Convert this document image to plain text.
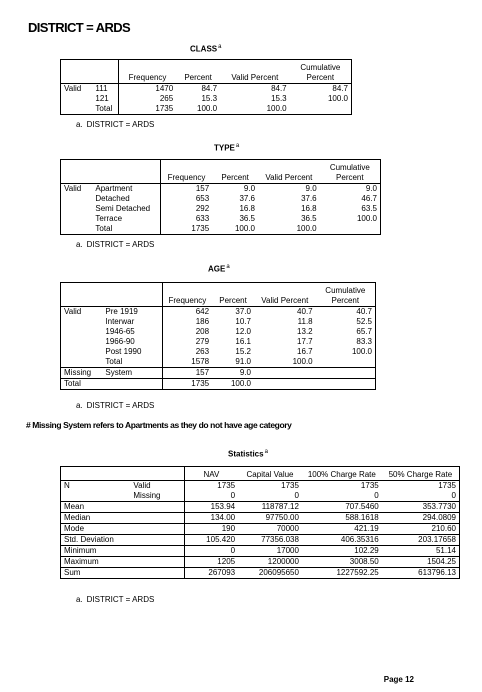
DISTRICT = ARDS
CLASS$^a$
		Frequency	Percent	Valid Percent	Cumulative Percent
Valid	111	1470	84.7	84.7	84.7
	121	265	15.3	15.3	100.0
	Total	1735	100.0	100.0	
a. DISTRICT = ARDS
TYPE$^a$
		Frequency	Percent	Valid Percent	Cumulative Percent
Valid	Apartment	157	9.0	9.0	9.0
	Detached	653	37.6	37.6	46.7
	Semi Detached	292	16.8	16.8	63.5
	Terrace	633	36.5	36.5	100.0
	Total	1735	100.0	100.0	
a. DISTRICT = ARDS
AGE$^a$
		Frequency	Percent	Valid Percent	Cumulative Percent
Valid	Pre 1919	642	37.0	40.7	40.7
	Interwar	186	10.7	11.8	52.5
	1946-65	208	12.0	13.2	65.7
	1966-90	279	16.1	17.7	83.3
	Post 1990	263	15.2	16.7	100.0
	Total	1578	91.0	100.0	
Missing	System	157	9.0		
Total		1735	100.0		
a. DISTRICT = ARDS
# Missing System refers to Apartments as they do not have age category
Statistics$^a$
		NAV	Capital Value	100% Charge Rate	50% Charge Rate
N	Valid	1735	1735	1735	1735
	Missing	0	0	0	0
Mean		153.94	118787.12	707.5460	353.7730
Median		134.00	97750.00	588.1618	294.0809
Mode		190	70000	421.19	210.60
Std. Deviation		105.420	77356.038	406.35316	203.17658
Minimum		0	17000	102.29	51.14
Maximum		1205	1200000	3008.50	1504.25
Sum		267093	206095650	1227592.25	613796.13
a. DISTRICT = ARDS
Page 12
